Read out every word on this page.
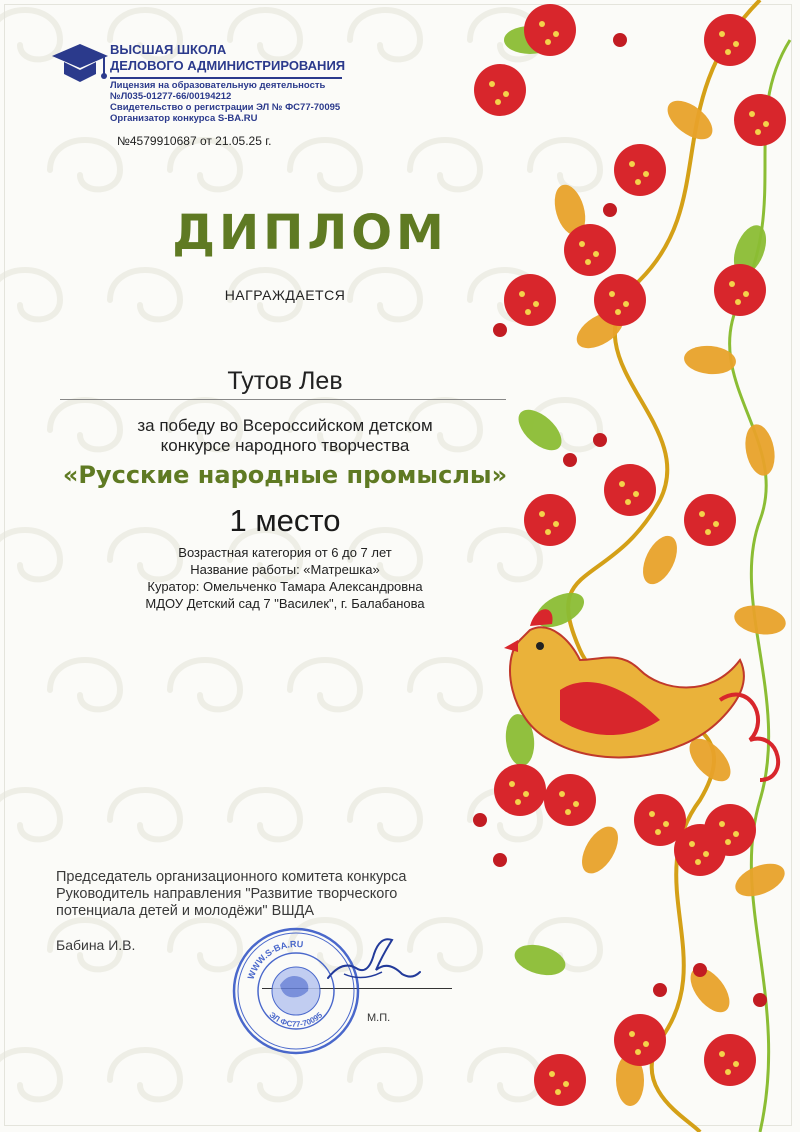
ВЫСШАЯ ШКОЛА
ДЕЛОВОГО АДМИНИСТРИРОВАНИЯ
Лицензия на образовательную деятельность
№Л035-01277-66/00194212
Свидетельство о регистрации ЭЛ № ФС77-70095
Организатор конкурса S-BA.RU
№4579910687 от 21.05.25 г.
ДИПЛОМ
НАГРАЖДАЕТСЯ
Тутов Лев
за победу во Всероссийском детском
конкурсе народного творчества
«Русские народные промыслы»
1 место
Возрастная категория от 6 до 7 лет
Название работы: «Матрешка»
Куратор: Омельченко Тамара Александровна
МДОУ Детский сад 7 "Василек", г. Балабанова
Председатель организационного комитета конкурса
Руководитель направления "Развитие творческого
потенциала детей и молодёжи" ВШДА
Бабина И.В.
М.П.
WWW.S-BA.RU
ЭЛ ФС77-70095
